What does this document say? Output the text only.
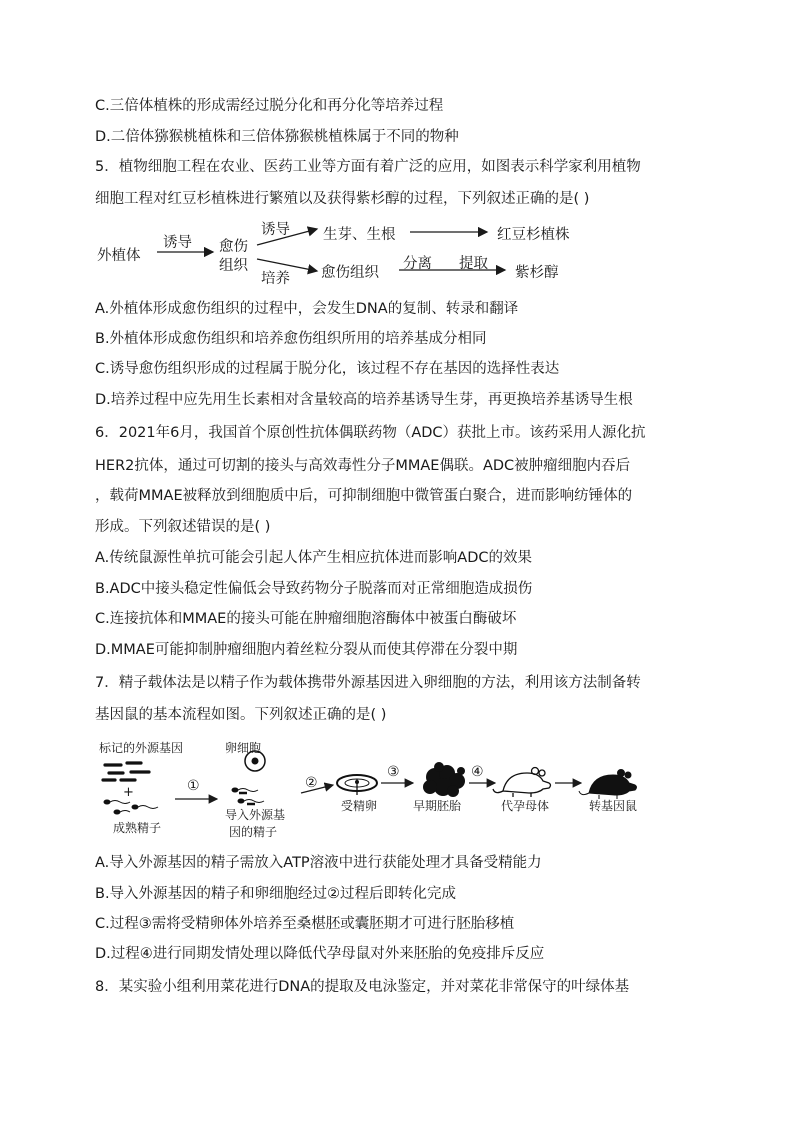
C.三倍体植株的形成需经过脱分化和再分化等培养过程
D.二倍体猕猴桃植株和三倍体猕猴桃植株属于不同的物种
5．植物细胞工程在农业、医药工业等方面有着广泛的应用，如图表示科学家利用植物
细胞工程对红豆杉植株进行繁殖以及获得紫杉醇的过程，下列叙述正确的是( )
外植体
诱导 愈伤
组织
诱导 生芽、生根	红豆杉植株
培养 愈伤组织
分离 提取
紫杉醇
A.外植体形成愈伤组织的过程中，会发生DNA的复制、转录和翻译
B.外植体形成愈伤组织和培养愈伤组织所用的培养基成分相同
C.诱导愈伤组织形成的过程属于脱分化，该过程不存在基因的选择性表达
D.培养过程中应先用生长素相对含量较高的培养基诱导生芽，再更换培养基诱导生根
6．2021年6月，我国首个原创性抗体偶联药物（ADC）获批上市。该药采用人源化抗
HER2抗体，通过可切割的接头与高效毒性分子MMAE偶联。ADC被肿瘤细胞内吞后
，载荷MMAE被释放到细胞质中后，可抑制细胞中微管蛋白聚合，进而影响纺锤体的
形成。下列叙述错误的是( )
A.传统鼠源性单抗可能会引起人体产生相应抗体进而影响ADC的效果
B.ADC中接头稳定性偏低会导致药物分子脱落而对正常细胞造成损伤
C.连接抗体和MMAE的接头可能在肿瘤细胞溶酶体中被蛋白酶破坏
D.MMAE可能抑制肿瘤细胞内着丝粒分裂从而使其停滞在分裂中期
7．精子载体法是以精子作为载体携带外源基因进入卵细胞的方法，利用该方法制备转
基因鼠的基本流程如图。下列叙述正确的是( )
标记的外源基因
+
成熟精子
①
卵细胞
导入外源基
因的精子
②
受精卵
③
早期胚胎
④
代孕母体	转基因鼠
A.导入外源基因的精子需放入ATP溶液中进行获能处理才具备受精能力
B.导入外源基因的精子和卵细胞经过②过程后即转化完成
C.过程③需将受精卵体外培养至桑椹胚或囊胚期才可进行胚胎移植
D.过程④进行同期发情处理以降低代孕母鼠对外来胚胎的免疫排斥反应
8．某实验小组利用菜花进行DNA的提取及电泳鉴定，并对菜花非常保守的叶绿体基
